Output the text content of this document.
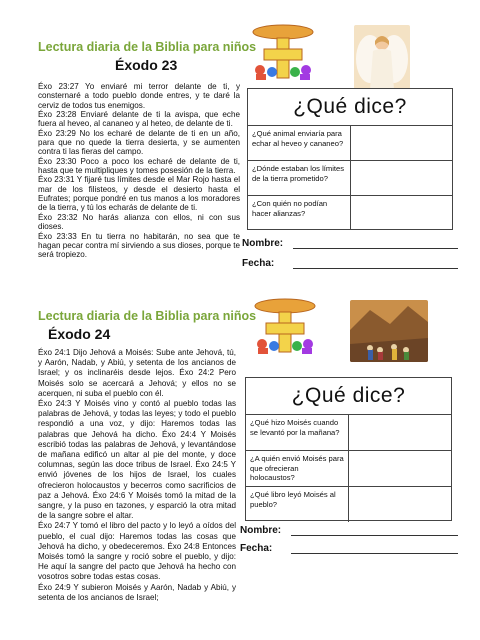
Lectura diaria de la Biblia para niños
Éxodo 23

Éxo 23:27 Yo enviaré mi terror delante de ti, y consternaré a todo pueblo donde entres, y te daré la cerviz de todos tus enemigos.

Éxo 23:28 Enviaré delante de ti la avispa, que eche fuera al heveo, al cananeo y al heteo, de delante de ti.

Éxo 23:29 No los echaré de delante de ti en un año, para que no quede la tierra desierta, y se aumenten contra ti las fieras del campo.

Éxo 23:30 Poco a poco los echaré de delante de ti, hasta que te multipliques y tomes posesión de la tierra.

Éxo 23:31 Y fijaré tus límites desde el Mar Rojo hasta el mar de los filisteos, y desde el desierto hasta el Eufrates; porque pondré en tus manos a los moradores de la tierra, y tú los echarás de delante de ti.

Éxo 23:32 No harás alianza con ellos, ni con sus dioses.

Éxo 23:33 En tu tierra no habitarán, no sea que te hagan pecar contra mí sirviendo a sus dioses, porque te será tropiezo.

¿Qué dice?
¿Qué animal enviaría para echar al heveo y cananeo?
¿Dónde estaban los límites de la tierra prometido?
¿Con quién no podían hacer alianzas?
Nombre:
Fecha:
Lectura diaria de la Biblia para niños
Éxodo 24

Éxo 24:1 Dijo Jehová a Moisés: Sube ante Jehová, tú, y Aarón, Nadab, y Abiú, y setenta de los ancianos de Israel; y os inclinaréis desde lejos. Éxo 24:2 Pero Moisés solo se acercará a Jehová; y ellos no se acerquen, ni suba el pueblo con él.

Éxo 24:3 Y Moisés vino y contó al pueblo todas las palabras de Jehová, y todas las leyes; y todo el pueblo respondió a una voz, y dijo: Haremos todas las palabras que Jehová ha dicho. Éxo 24:4 Y Moisés escribió todas las palabras de Jehová, y levantándose de mañana edificó un altar al pie del monte, y doce columnas, según las doce tribus de Israel. Éxo 24:5 Y envió jóvenes de los hijos de Israel, los cuales ofrecieron holocaustos y becerros como sacrificios de paz a Jehová. Éxo 24:6 Y Moisés tomó la mitad de la sangre, y la puso en tazones, y esparció la otra mitad de la sangre sobre el altar.

Éxo 24:7 Y tomó el libro del pacto y lo leyó a oídos del pueblo, el cual dijo: Haremos todas las cosas que Jehová ha dicho, y obedeceremos. Éxo 24:8 Entonces Moisés tomó la sangre y roció sobre el pueblo, y dijo: He aquí la sangre del pacto que Jehová ha hecho con vosotros sobre todas estas cosas.

Éxo 24:9 Y subieron Moisés y Aarón, Nadab y Abiú, y setenta de los ancianos de Israel;

¿Qué dice?
¿Qué hizo Moisés cuando se levantó por la mañana?
¿A quién envió Moisés para que ofrecieran holocaustos?
¿Qué libro leyó Moisés al pueblo?
Nombre:
Fecha:
